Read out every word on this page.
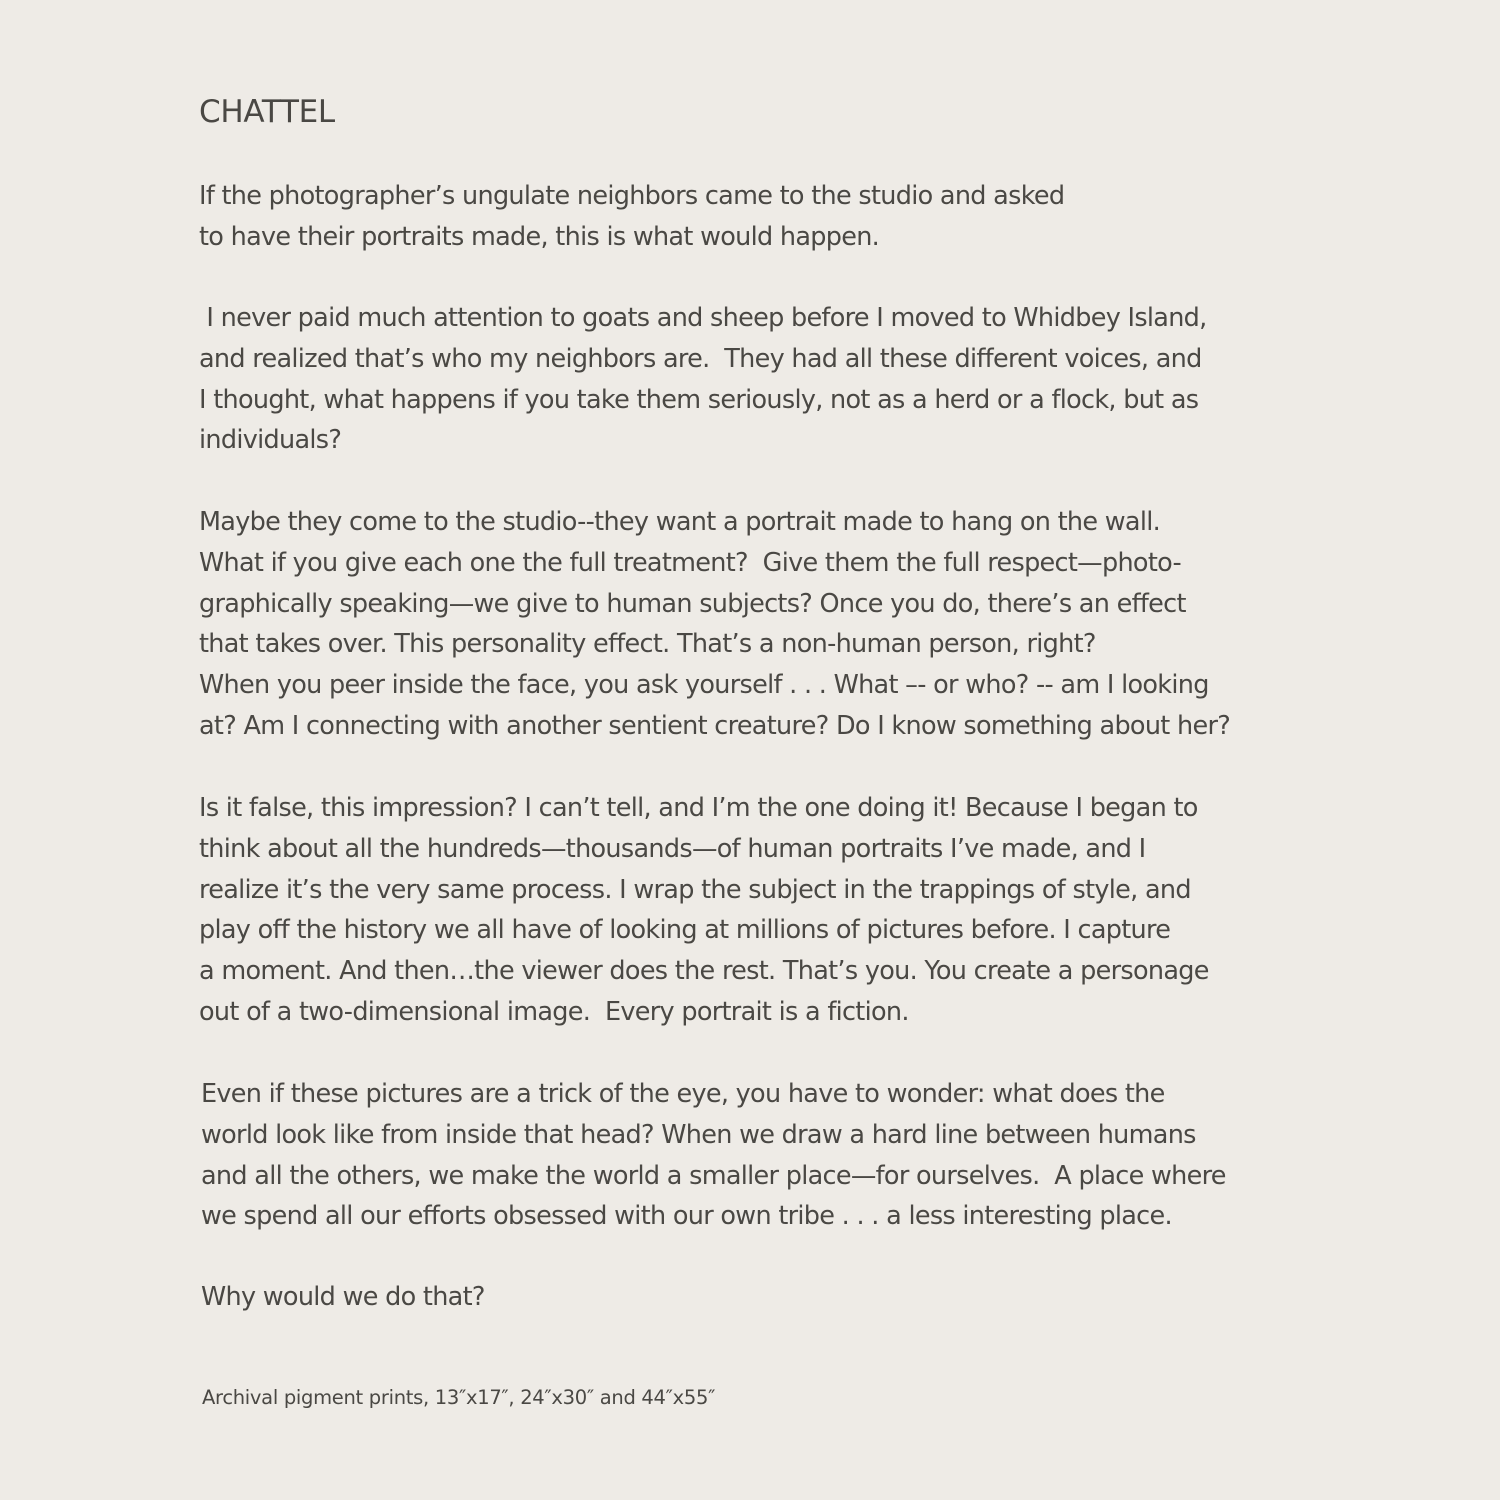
CHATTEL

If the photographer’s ungulate neighbors came to the studio and asked
to have their portraits made, this is what would happen.

I never paid much attention to goats and sheep before I moved to Whidbey Island,
and realized that’s who my neighbors are.  They had all these different voices, and
I thought, what happens if you take them seriously, not as a herd or a flock, but as
individuals?

Maybe they come to the studio--they want a portrait made to hang on the wall.
What if you give each one the full treatment?  Give them the full respect—photo-
graphically speaking—we give to human subjects? Once you do, there’s an effect
that takes over. This personality effect. That’s a non-human person, right?
When you peer inside the face, you ask yourself . . . What –- or who? -- am I looking
at? Am I connecting with another sentient creature? Do I know something about her?

Is it false, this impression? I can’t tell, and I’m the one doing it! Because I began to
think about all the hundreds—thousands—of human portraits I’ve made, and I
realize it’s the very same process. I wrap the subject in the trappings of style, and
play off the history we all have of looking at millions of pictures before. I capture
a moment. And then…the viewer does the rest. That’s you. You create a personage
out of a two-dimensional image.  Every portrait is a fiction.

Even if these pictures are a trick of the eye, you have to wonder: what does the
world look like from inside that head? When we draw a hard line between humans
and all the others, we make the world a smaller place—for ourselves.  A place where
we spend all our efforts obsessed with our own tribe . . . a less interesting place.

Why would we do that?

Archival pigment prints, 13″x17″, 24″x30″ and 44″x55″
